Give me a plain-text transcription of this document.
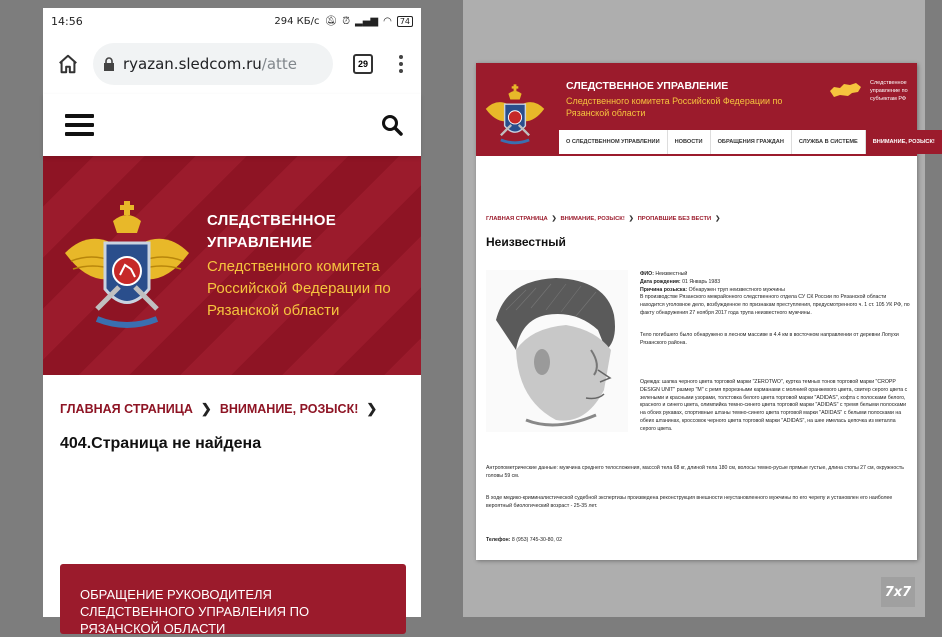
14:56	294 КБ/с 🔕︎ ⏰︎ ▂▄▆ ◠	74
ryazan.sledcom.ru/atte	29
СЛЕДСТВЕННОЕ УПРАВЛЕНИЕ
Следственного комитета Российской Федерации по Рязанской области
ГЛАВНАЯ СТРАНИЦА ❯ ВНИМАНИЕ, РОЗЫСК! ❯
404.Страница не найдена
ОБРАЩЕНИЕ РУКОВОДИТЕЛЯ СЛЕДСТВЕННОГО УПРАВЛЕНИЯ ПО РЯЗАНСКОЙ ОБЛАСТИ
СЛЕДСТВЕННОЕ УПРАВЛЕНИЕ
Следственного комитета Российской Федерации по Рязанской области
Следственное управление по субъектам РФ
О СЛЕДСТВЕННОМ УПРАВЛЕНИИ	НОВОСТИ	ОБРАЩЕНИЯ ГРАЖДАН	СЛУЖБА В СИСТЕМЕ	ВНИМАНИЕ, РОЗЫСК!
ГЛАВНАЯ СТРАНИЦА ❯ ВНИМАНИЕ, РОЗЫСК! ❯ ПРОПАВШИЕ БЕЗ ВЕСТИ ❯
Неизвестный
ФИО: Неизвестный
Дата рождения: 01 Январь 1983
Причина розыска: Обнаружен труп неизвестного мужчины
В производстве Рязанского межрайонного следственного отдела СУ СК России по Рязанской области находится уголовное дело, возбужденное по признакам преступления, предусмотренного ч. 1 ст. 105 УК РФ, по факту обнаружения 27 ноября 2017 года трупа неизвестного мужчины.
Тело погибшего было обнаружено в лесном массиве в 4.4 км в восточном направлении от деревни Лопухи Рязанского района.
Одежда: шапка черного цвета торговой марки "ZEROTWO", куртка темных тонов торговой марки "CROPP DESIGN UNIT" размер "M" с ремя прорезными карманами с молнией оранжевого цвета, свитер серого цвета с зелеными и красными узорами, толстовка белого цвета торговой марки "ADIDAS", кофта с полосками белого, красного и синего цвета, олимпийка темно-синего цвета торговой марки "ADIDAS" с тремя белыми полосками на обоих рукавах, спортивные штаны темно-синего цвета торговой марки "ADIDAS" с белыми полосками на обеих штанинах, кроссовок черного цвета торговой марки "ADIDAS", на шее имелась цепочка из металла серого цвета.
Антропометрические данные: мужчина среднего телосложения, массой тела 68 кг, длиной тела 180 см, волосы темно-русые прямые густые, длина стопы 27 см, окружность головы 59 см.
В ходе медико-криминалистической судебной экспертизы произведена реконструкция внешности неустановленного мужчины по его черепу и установлен его наиболее вероятный биологический возраст - 25-35 лет.
Телефон: 8 (953) 745-30-80, 02
7x7
